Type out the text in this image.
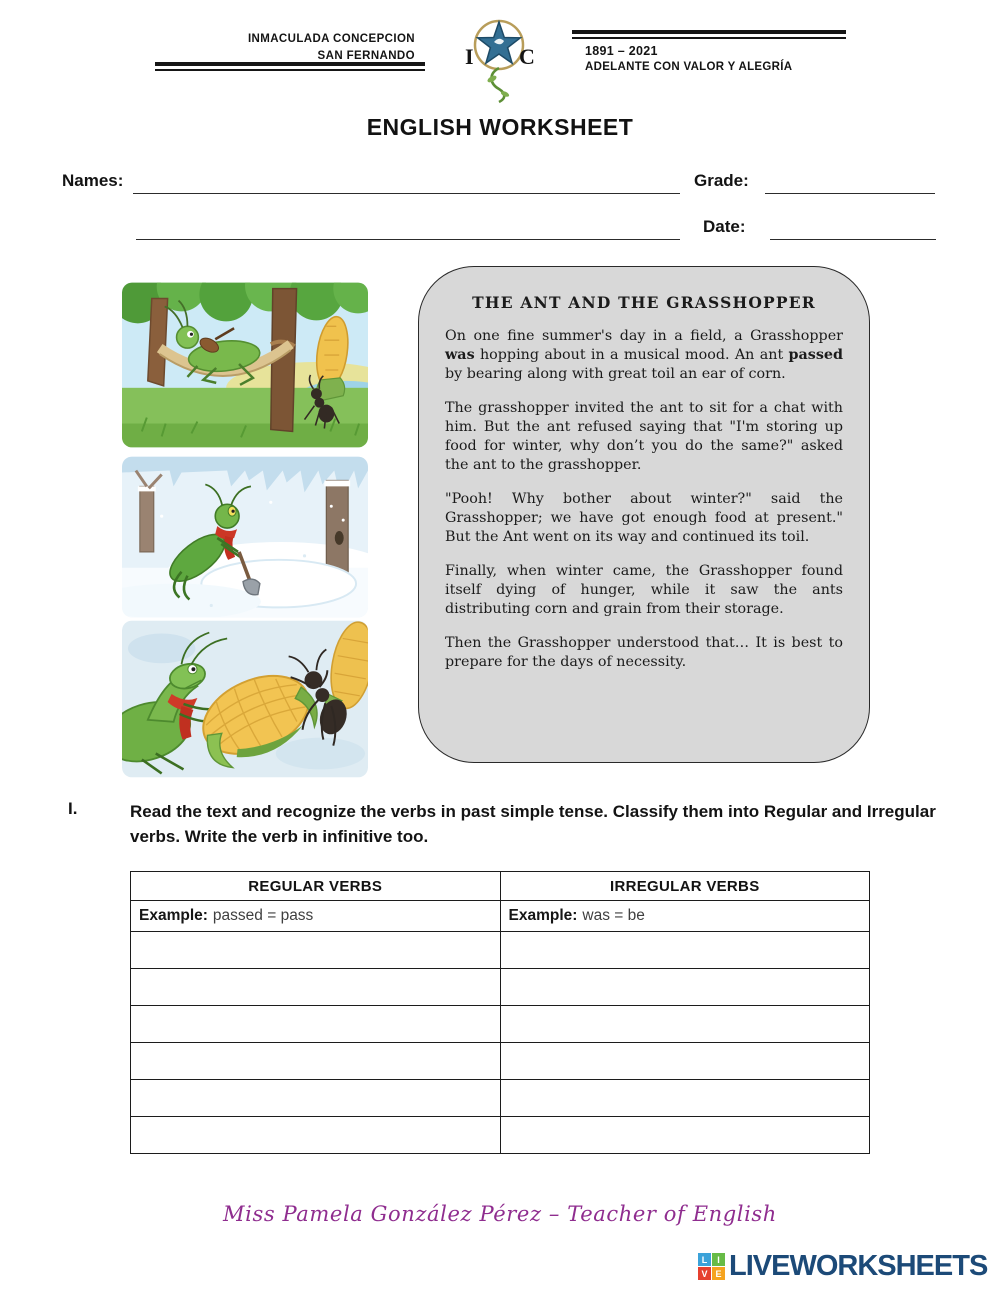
INMACULADA CONCEPCION
SAN FERNANDO	1891 – 2021
ADELANTE CON VALOR Y ALEGRÍA
I C
ENGLISH WORKSHEET
Names:	Grade:
Date:
THE ANT AND THE GRASSHOPPER

On one fine summer's day in a field, a Grasshopper was hopping about in a musical mood. An ant passed by bearing along with great toil an ear of corn.

The grasshopper invited the ant to sit for a chat with him. But the ant refused saying that "I'm storing up food for winter, why don’t you do the same?" asked the ant to the grasshopper.

"Pooh! Why bother about winter?" said the Grasshopper; we have got enough food at present." But the Ant went on its way and continued its toil.

Finally, when winter came, the Grasshopper found itself dying of hunger, while it saw the ants distributing corn and grain from their storage.

Then the Grasshopper understood that… It is best to prepare for the days of necessity.

I.	Read the text and recognize the verbs in past simple tense. Classify them into Regular and Irregular verbs. Write the verb in infinitive too.
REGULAR VERBS	IRREGULAR VERBS
Example: passed = pass	Example: was = be

Miss Pamela González Pérez – Teacher of English
L	I
V E LIVEWORKSHEETS
